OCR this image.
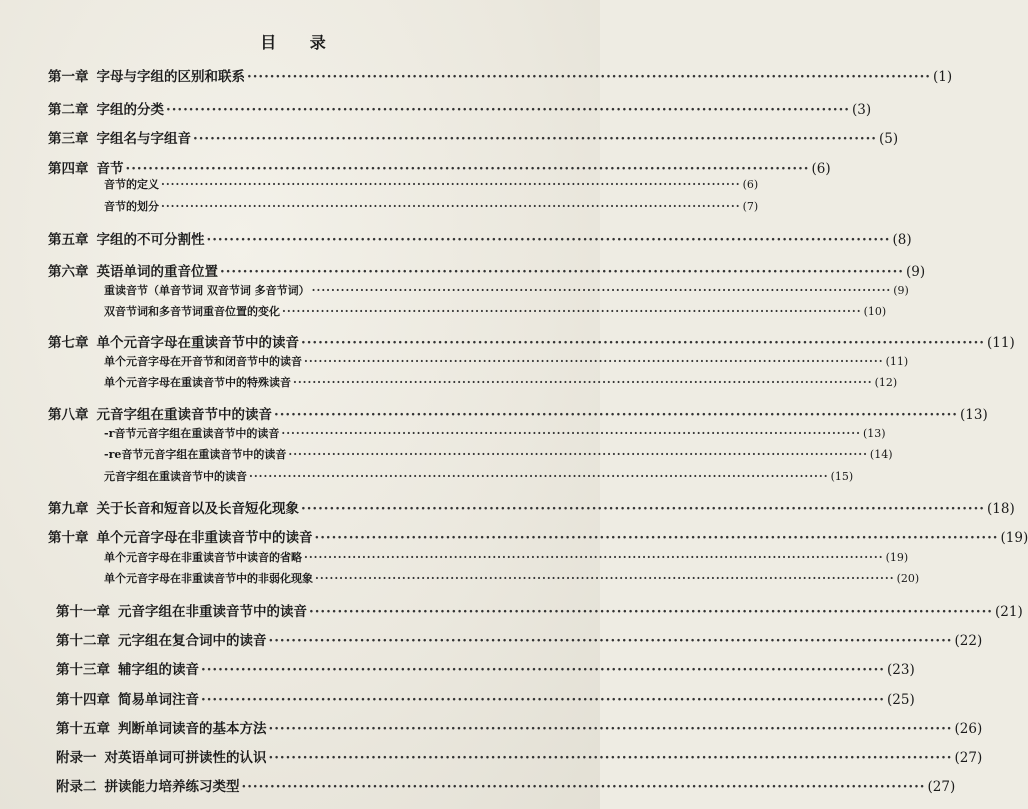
目 录
第一章 字母与字组的区别和联系 ························································································································ (1)
第二章 字组的分类 ························································································································ (3)
第三章 字组名与字组音 ························································································································ (5)
第四章 音节 ························································································································ (6)
音节的定义 ························································································································ (6)
音节的划分 ························································································································ (7)
第五章 字组的不可分割性 ························································································································ (8)
第六章 英语单词的重音位置 ························································································································ (9)
重读音节（单音节词 双音节词 多音节词） ························································································································ (9)
双音节词和多音节词重音位置的变化 ························································································································ (10)
第七章 单个元音字母在重读音节中的读音 ························································································································ (11)
单个元音字母在开音节和闭音节中的读音 ························································································································ (11)
单个元音字母在重读音节中的特殊读音 ························································································································ (12)
第八章 元音字组在重读音节中的读音 ························································································································ (13)
-r音节元音字组在重读音节中的读音 ························································································································ (13)
-re音节元音字组在重读音节中的读音 ························································································································ (14)
元音字组在重读音节中的读音 ························································································································ (15)
第九章 关于长音和短音以及长音短化现象 ························································································································ (18)
第十章 单个元音字母在非重读音节中的读音 ························································································································ (19)
单个元音字母在非重读音节中读音的省略 ························································································································ (19)
单个元音字母在非重读音节中的非弱化现象 ························································································································ (20)
第十一章 元音字组在非重读音节中的读音 ························································································································ (21)
第十二章 元字组在复合词中的读音 ························································································································ (22)
第十三章 辅字组的读音 ························································································································ (23)
第十四章 简易单词注音 ························································································································ (25)
第十五章 判断单词读音的基本方法 ························································································································ (26)
附录一 对英语单词可拼读性的认识 ························································································································ (27)
附录二 拼读能力培养练习类型 ························································································································ (27)
